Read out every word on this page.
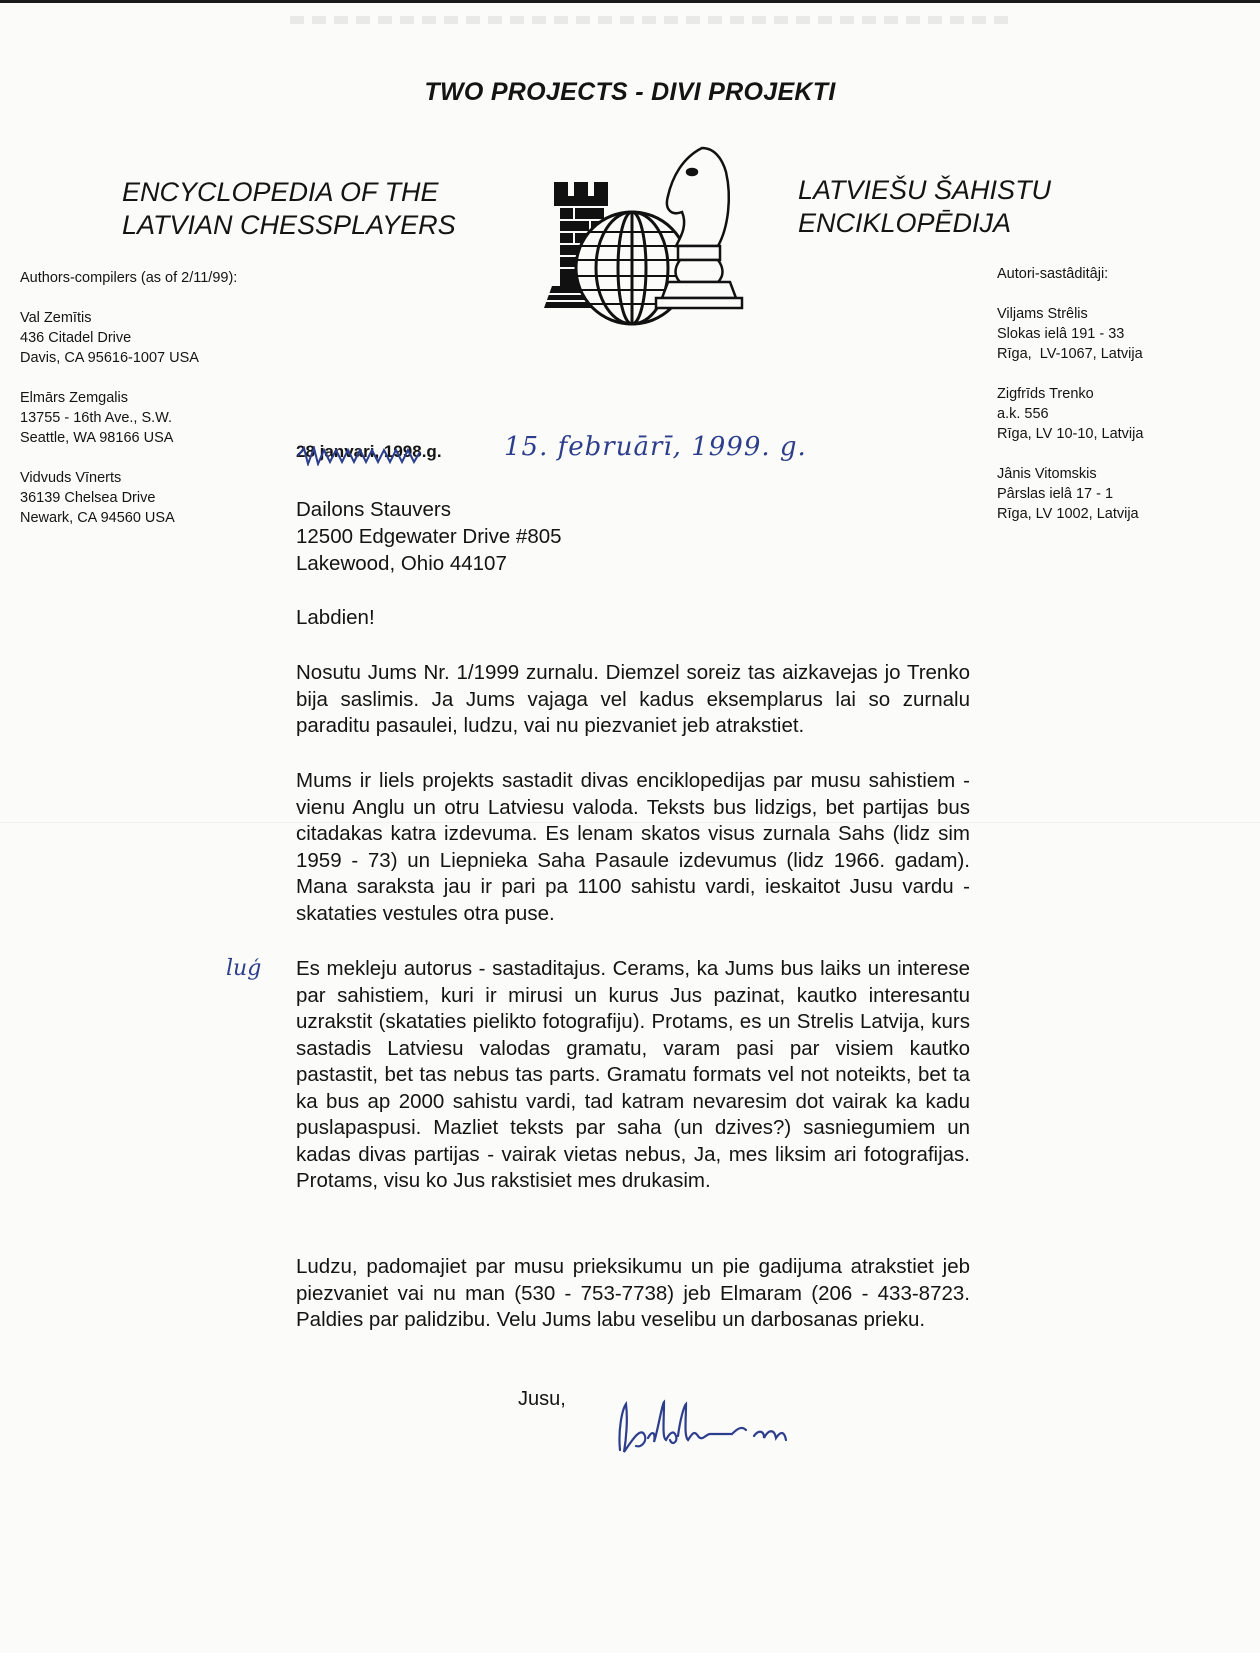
TWO PROJECTS - DIVI PROJEKTI
ENCYCLOPEDIA OF THE
LATVIAN CHESSPLAYERS
LATVIEŠU ŠAHISTU
ENCIKLOPĒDIJA
Authors-compilers (as of 2/11/99):
Val Zemītis
436 Citadel Drive
Davis, CA 95616-1007 USA
Elmārs Zemgalis
13755 - 16th Ave., S.W.
Seattle, WA 98166 USA
Vidvuds Vīnerts
36139 Chelsea Drive
Newark, CA 94560 USA
Autori-sastâditâji:
Viljams Strêlis
Slokas ielâ 191 - 33
Rīga,  LV-1067, Latvija
Zigfrīds Trenko
a.k. 556
Rīga, LV 10-10, Latvija
Jânis Vitomskis
Pârslas ielâ 17 - 1
Rīga, LV 1002, Latvija
28 janvari, 1998.g. 15. februārī, 1999. g.
Dailons Stauvers
12500 Edgewater Drive #805
Lakewood, Ohio 44107
Labdien!
Nosutu Jums Nr. 1/1999 zurnalu. Diemzel soreiz tas aizkavejas jo Trenko bija saslimis. Ja Jums vajaga vel kadus eksemplarus lai so zurnalu paraditu pasaulei, ludzu, vai nu piezvaniet jeb atrakstiet.
Mums ir liels projekts sastadit divas enciklopedijas par musu sahistiem - vienu Anglu un otru Latviesu valoda. Teksts bus lidzigs, bet partijas bus citadakas katra izdevuma. Es lenam skatos visus zurnala Sahs (lidz sim 1959 - 73) un Liepnieka Saha Pasaule izdevumus (lidz 1966. gadam). Mana saraksta jau ir pari pa 1100 sahistu vardi, ieskaitot Jusu vardu - skataties vestules otra puse.
luģ Es mekleju autorus - sastaditajus. Cerams, ka Jums bus laiks un interese par sahistiem, kuri ir mirusi un kurus Jus pazinat, kautko interesantu uzrakstit (skataties pielikto fotografiju). Protams, es un Strelis Latvija, kurs sastadis Latviesu valodas gramatu, varam pasi par visiem kautko pastastit, bet tas nebus tas parts. Gramatu formats vel not noteikts, bet ta ka bus ap 2000 sahistu vardi, tad katram nevaresim dot vairak ka kadu puslapaspusi. Mazliet teksts par saha (un dzives?) sasniegumiem un kadas divas partijas - vairak vietas nebus, Ja, mes liksim ari fotografijas. Protams, visu ko Jus rakstisiet mes drukasim.
Ludzu, padomajiet par musu prieksikumu un pie gadijuma atrakstiet jeb piezvaniet vai nu man (530 - 753-7738) jeb Elmaram (206 - 433-8723. Paldies par palidzibu. Velu Jums labu veselibu un darbosanas prieku.
Jusu,
